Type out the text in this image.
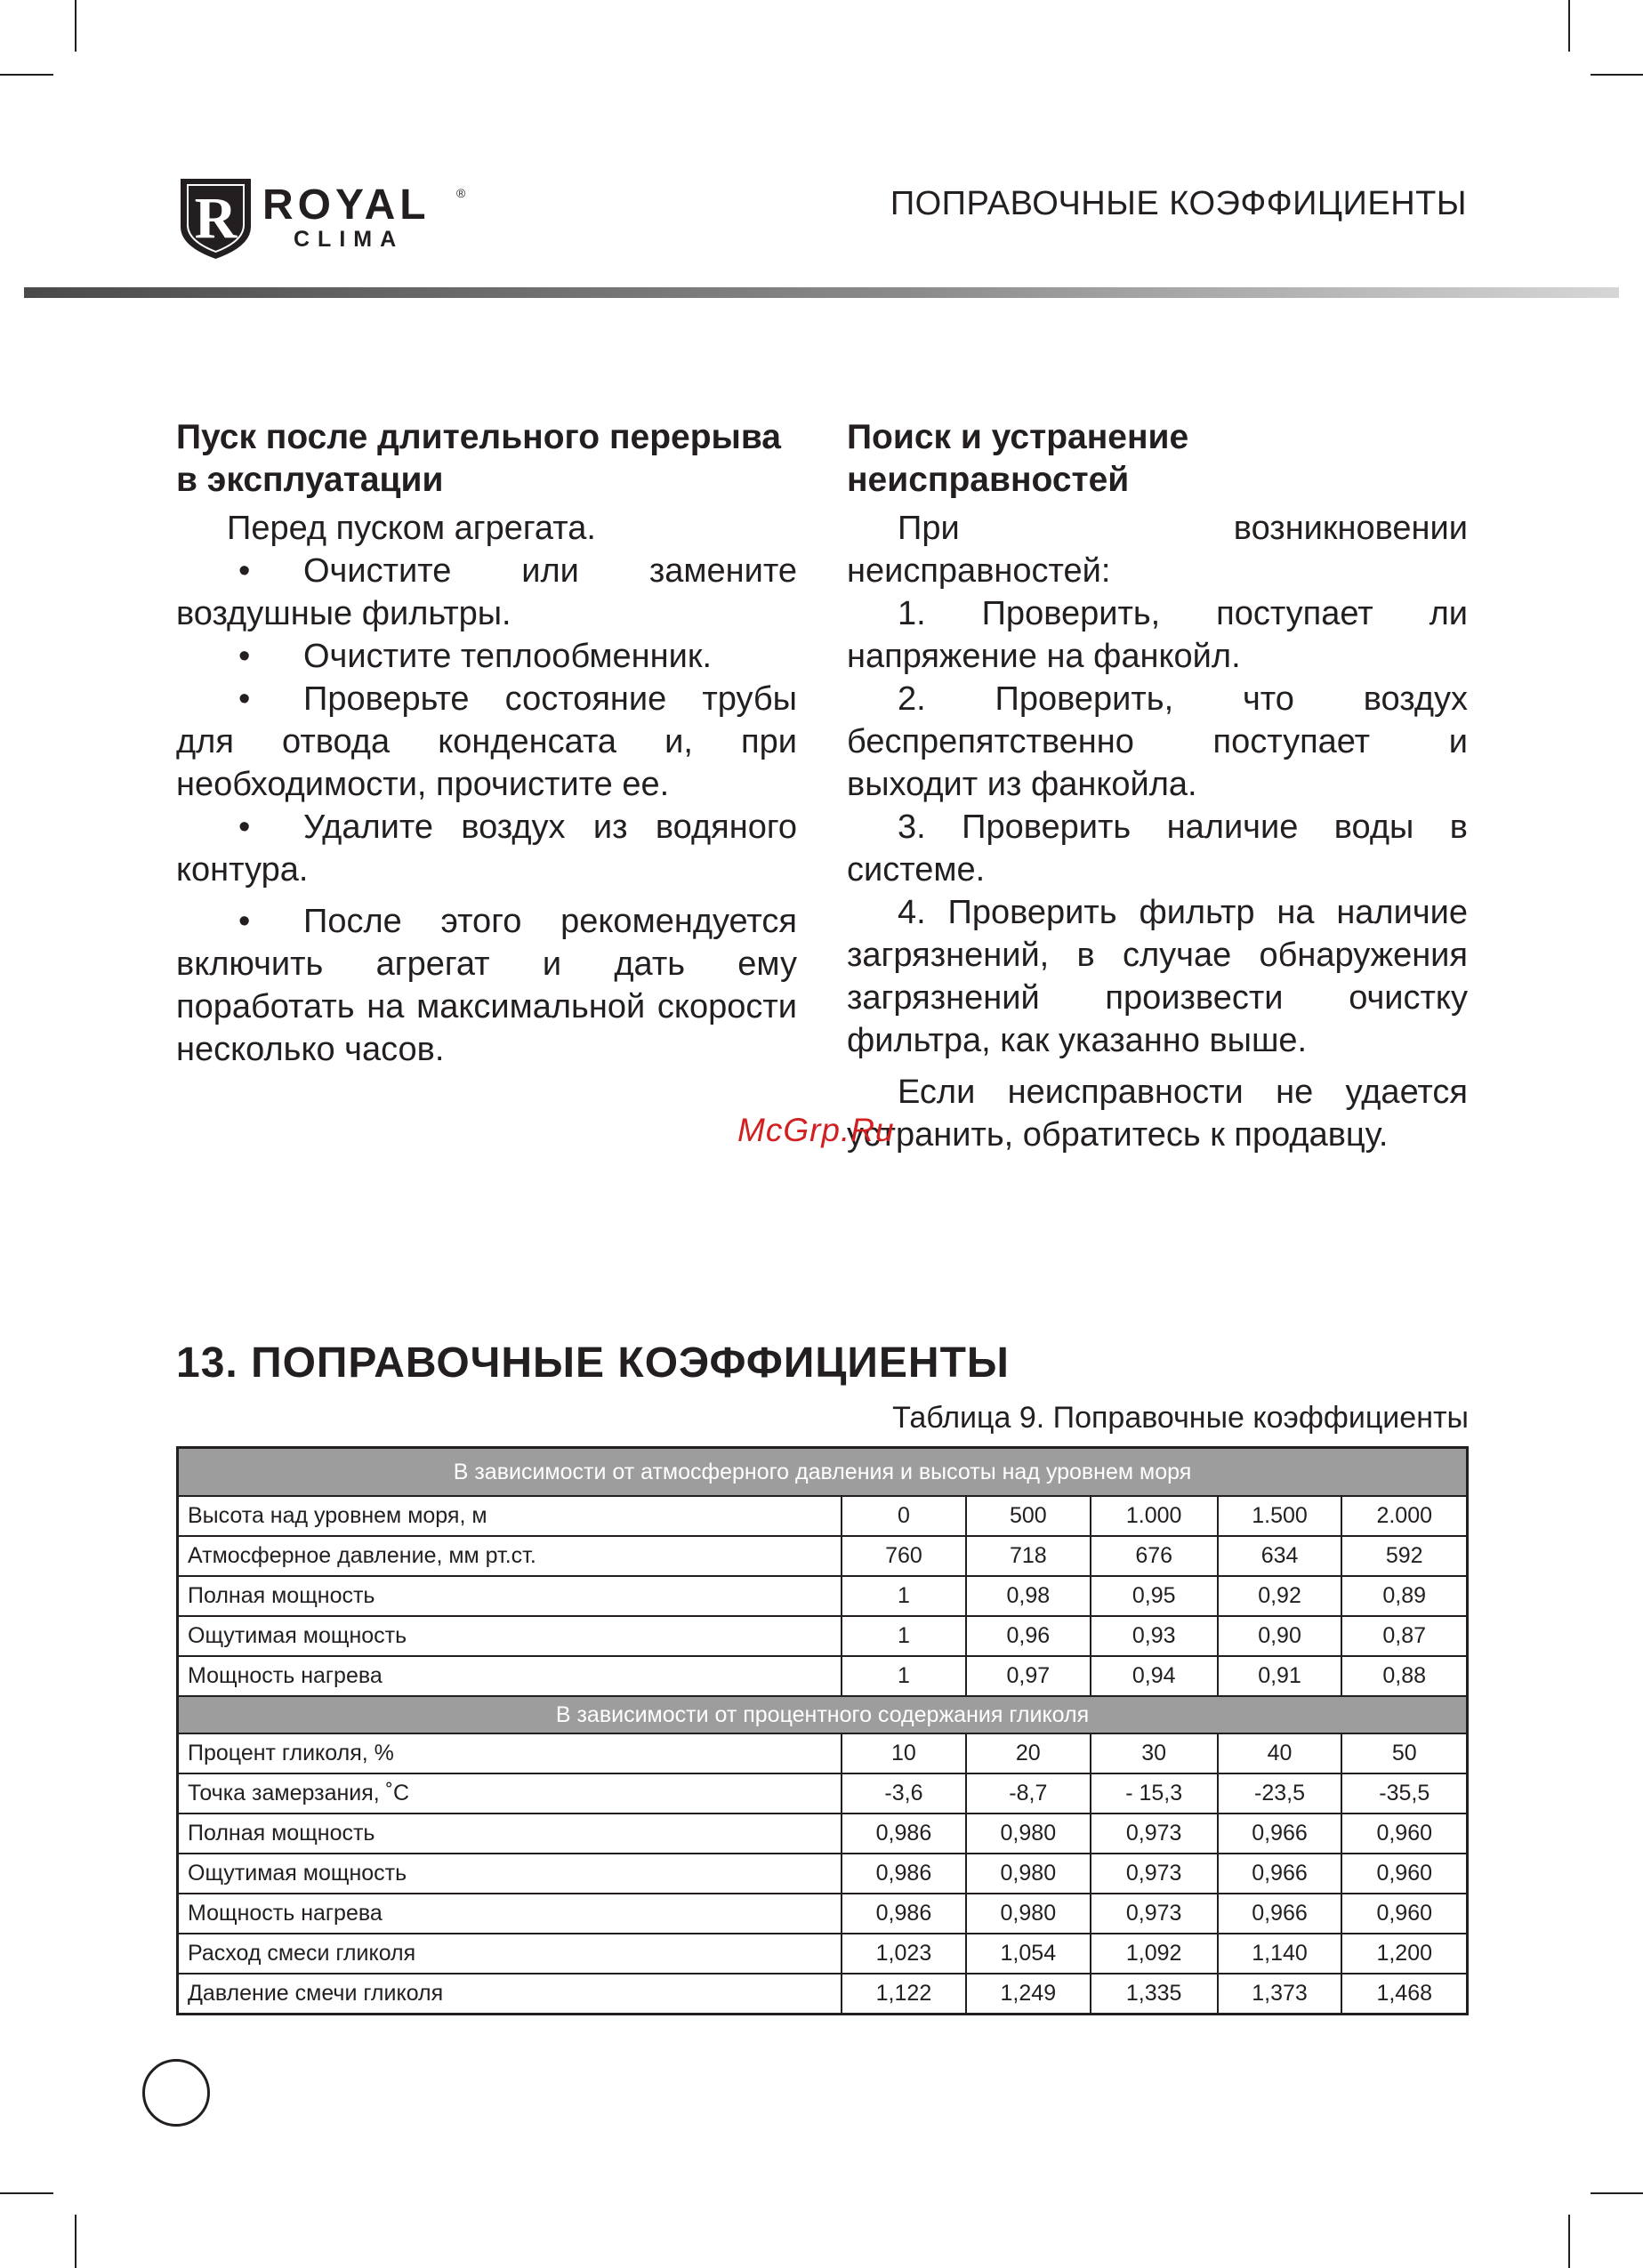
R ROYAL ®
CLIMA
ПОПРАВОЧНЫЕ КОЭФФИЦИЕНТЫ
Пуск после длительного перерыва в эксплуатации

Перед пуском агрегата.

• Очистите или замените воздушные фильтры.

• Очистите теплообменник.

• Проверьте состояние трубы для отвода конденсата и, при необходимости, прочистите ее.

• Удалите воздух из водяного контура.

• После этого рекомендуется включить агрегат и дать ему поработать на максимальной скорости несколько часов.

Поиск и устранение неисправностей

При возникновении неисправностей:

1. Проверить, поступает ли напряжение на фанкойл.

2. Проверить, что воздух беспрепятственно поступает и выходит из фанкойла.

3. Проверить наличие воды в системе.

4. Проверить фильтр на наличие загрязнений, в случае обнаружения загрязнений произвести очистку фильтра, как указанно выше.

Если неисправности не удается устранить, обратитесь к продавцу.

McGrp.Ru
13. ПОПРАВОЧНЫЕ КОЭФФИЦИЕНТЫ
Таблица 9. Поправочные коэффициенты
В зависимости от атмосферного давления и высоты над уровнем моря					
Высота над уровнем моря, м	0	500	1.000	1.500	2.000
Атмосферное давление, мм рт.ст.	760	718	676	634	592
Полная мощность	1	0,98	0,95	0,92	0,89
Ощутимая мощность	1	0,96	0,93	0,90	0,87
Мощность нагрева	1	0,97	0,94	0,91	0,88
В зависимости от процентного содержания гликоля					
Процент гликоля, %	10	20	30	40	50
Точка замерзания, ˚С	-3,6	-8,7	- 15,3	-23,5	-35,5
Полная мощность	0,986	0,980	0,973	0,966	0,960
Ощутимая мощность	0,986	0,980	0,973	0,966	0,960
Мощность нагрева	0,986	0,980	0,973	0,966	0,960
Расход смеси гликоля	1,023	1,054	1,092	1,140	1,200
Давление смечи гликоля	1,122	1,249	1,335	1,373	1,468
